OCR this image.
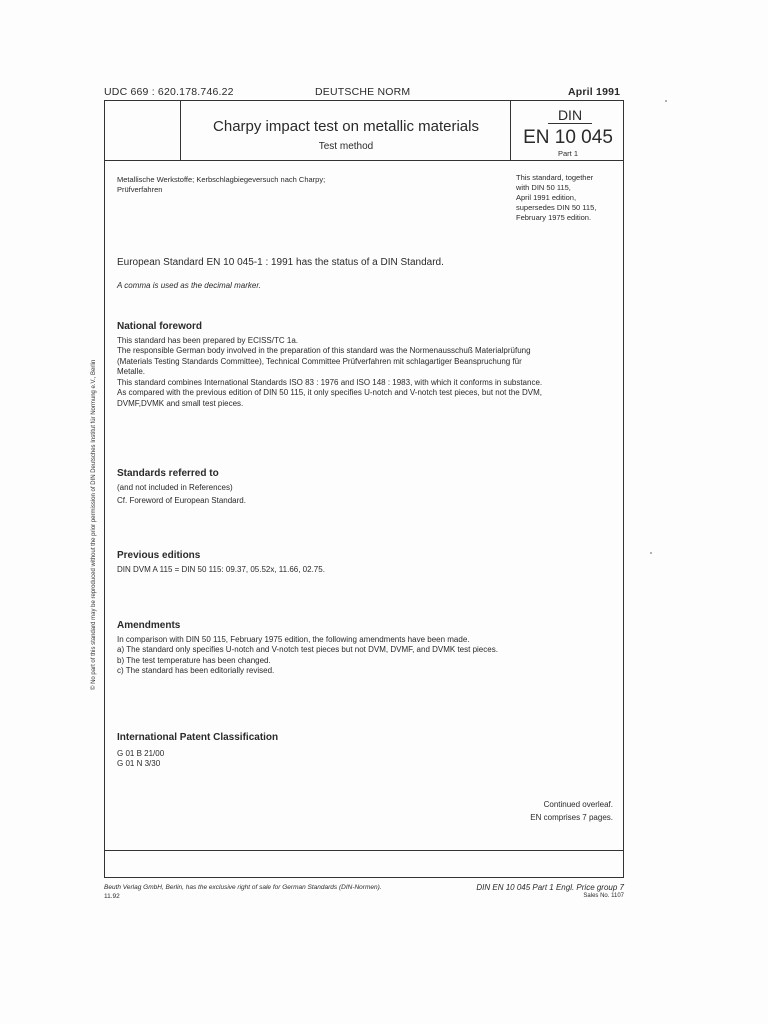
UDC 669 : 620.178.746.22	DEUTSCHE NORM	April 1991
Charpy impact test on metallic materials
Test method
DIN
EN 10 045
Part 1
Metallische Werkstoffe; Kerbschlagbiegeversuch nach Charpy;
Prüfverfahren
This standard, together
with DIN 50 115,
April 1991 edition,
supersedes DIN 50 115,
February 1975 edition.
European Standard EN 10 045-1 : 1991 has the status of a DIN Standard.
A comma is used as the decimal marker.
National foreword
This standard has been prepared by ECISS/TC 1a.
The responsible German body involved in the preparation of this standard was the Normenausschuß Materialprüfung
(Materials Testing Standards Committee), Technical Committee Prüfverfahren mit schlagartiger Beanspruchung für
Metalle.
This standard combines International Standards ISO 83 : 1976 and ISO 148 : 1983, with which it conforms in substance.
As compared with the previous edition of DIN 50 115, it only specifies U-notch and V-notch test pieces, but not the DVM,
DVMF,DVMK and small test pieces.
Standards referred to
(and not included in References)
Cf. Foreword of European Standard.
Previous editions
DIN DVM A 115 = DIN 50 115: 09.37, 05.52x, 11.66, 02.75.
Amendments
In comparison with DIN 50 115, February 1975 edition, the following amendments have been made.
a) The standard only specifies U-notch and V-notch test pieces but not DVM, DVMF, and DVMK test pieces.
b) The test temperature has been changed.
c) The standard has been editorially revised.
International Patent Classification
G 01 B 21/00
G 01 N 3/30
Continued overleaf.
EN comprises 7 pages.
© No part of this standard may be reproduced without the prior permission of DIN Deutsches Institut für Normung e.V., Berlin
Beuth Verlag GmbH, Berlin, has the exclusive right of sale for German Standards (DIN-Normen).
11.92
DIN EN 10 045 Part 1 Engl. Price group 7
Sales No. 1107
